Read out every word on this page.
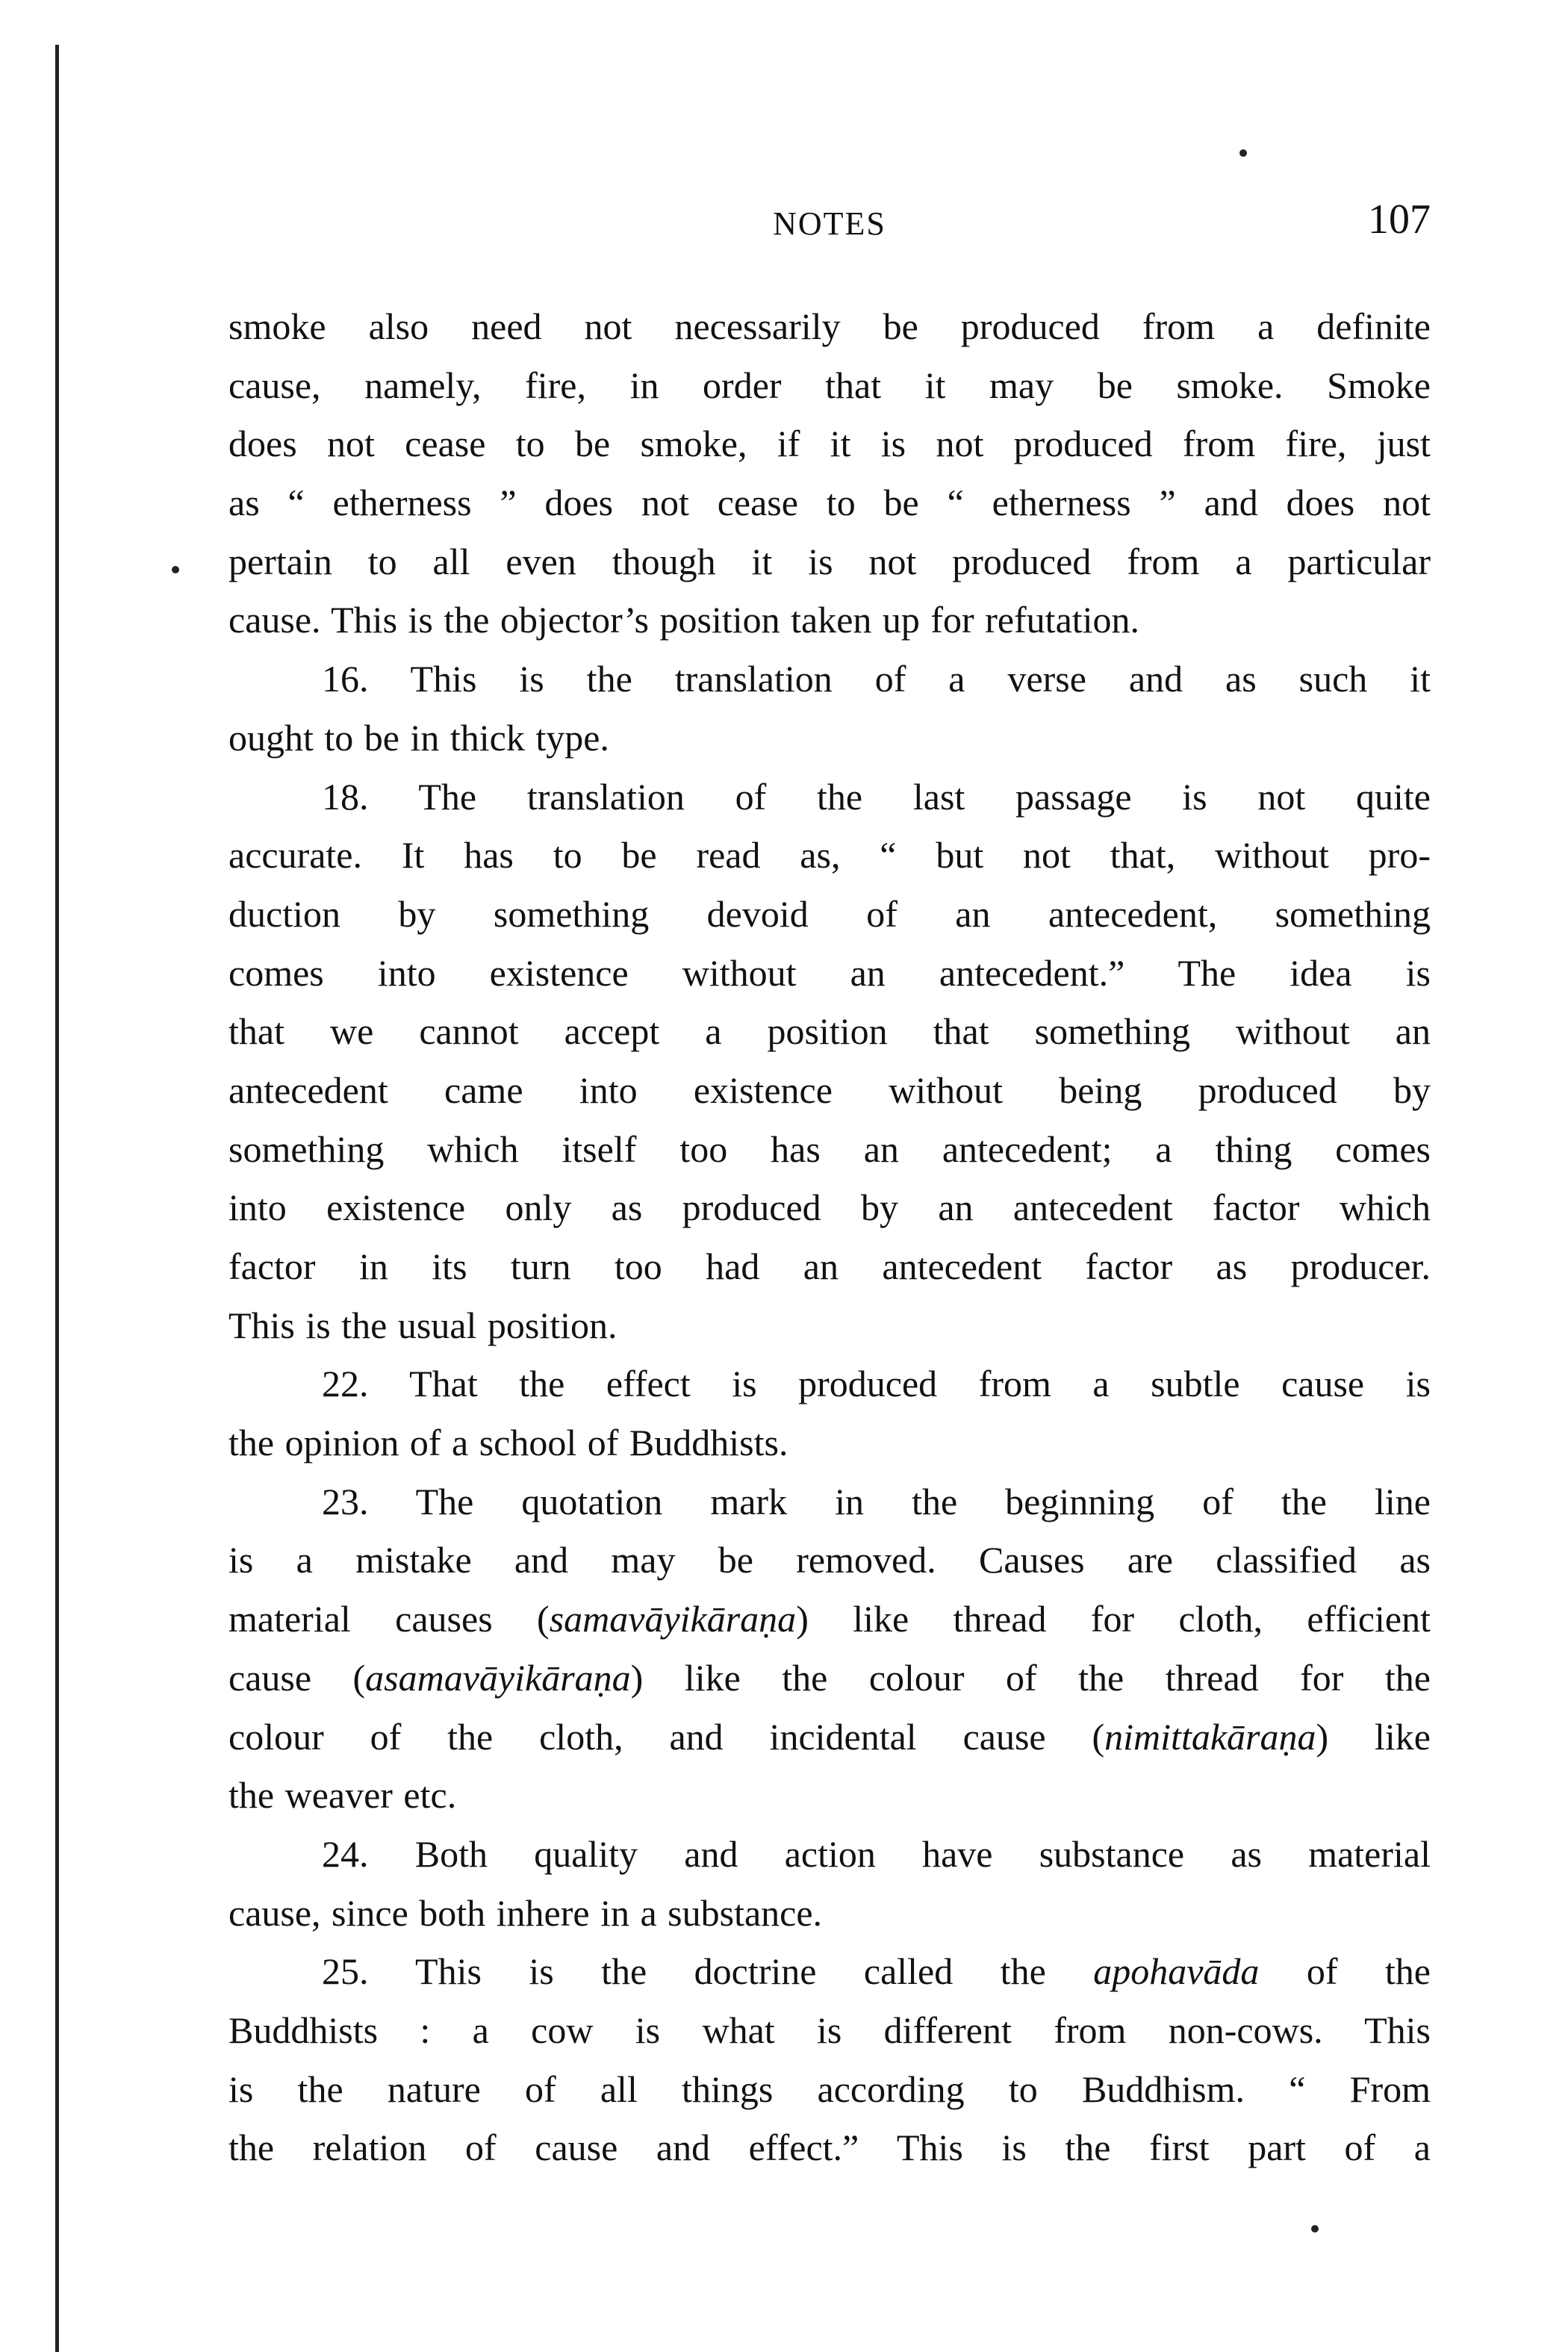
NOTES	107
smoke also need not necessarily be produced from a definite
cause, namely, fire, in order that it may be smoke. Smoke
does not cease to be smoke, if it is not produced from fire, just
as “ etherness ” does not cease to be “ etherness ” and does not
pertain to all even though it is not produced from a particular
cause. This is the objector’s position taken up for refutation.
16. This is the translation of a verse and as such it
ought to be in thick type.
18. The translation of the last passage is not quite
accurate. It has to be read as, “ but not that, without pro-
duction by something devoid of an antecedent, something
comes into existence without an antecedent.” The idea is
that we cannot accept a position that something without an
antecedent came into existence without being produced by
something which itself too has an antecedent; a thing comes
into existence only as produced by an antecedent factor which
factor in its turn too had an antecedent factor as producer.
This is the usual position.
22. That the effect is produced from a subtle cause is
the opinion of a school of Buddhists.
23. The quotation mark in the beginning of the line
is a mistake and may be removed. Causes are classified as
material causes (samavāyikāraṇa) like thread for cloth, efficient
cause (asamavāyikāraṇa) like the colour of the thread for the
colour of the cloth, and incidental cause (nimittakāraṇa) like
the weaver etc.
24. Both quality and action have substance as material
cause, since both inhere in a substance.
25. This is the doctrine called the apohavāda of the
Buddhists : a cow is what is different from non-cows. This
is the nature of all things according to Buddhism. “ From
the relation of cause and effect.” This is the first part of a
